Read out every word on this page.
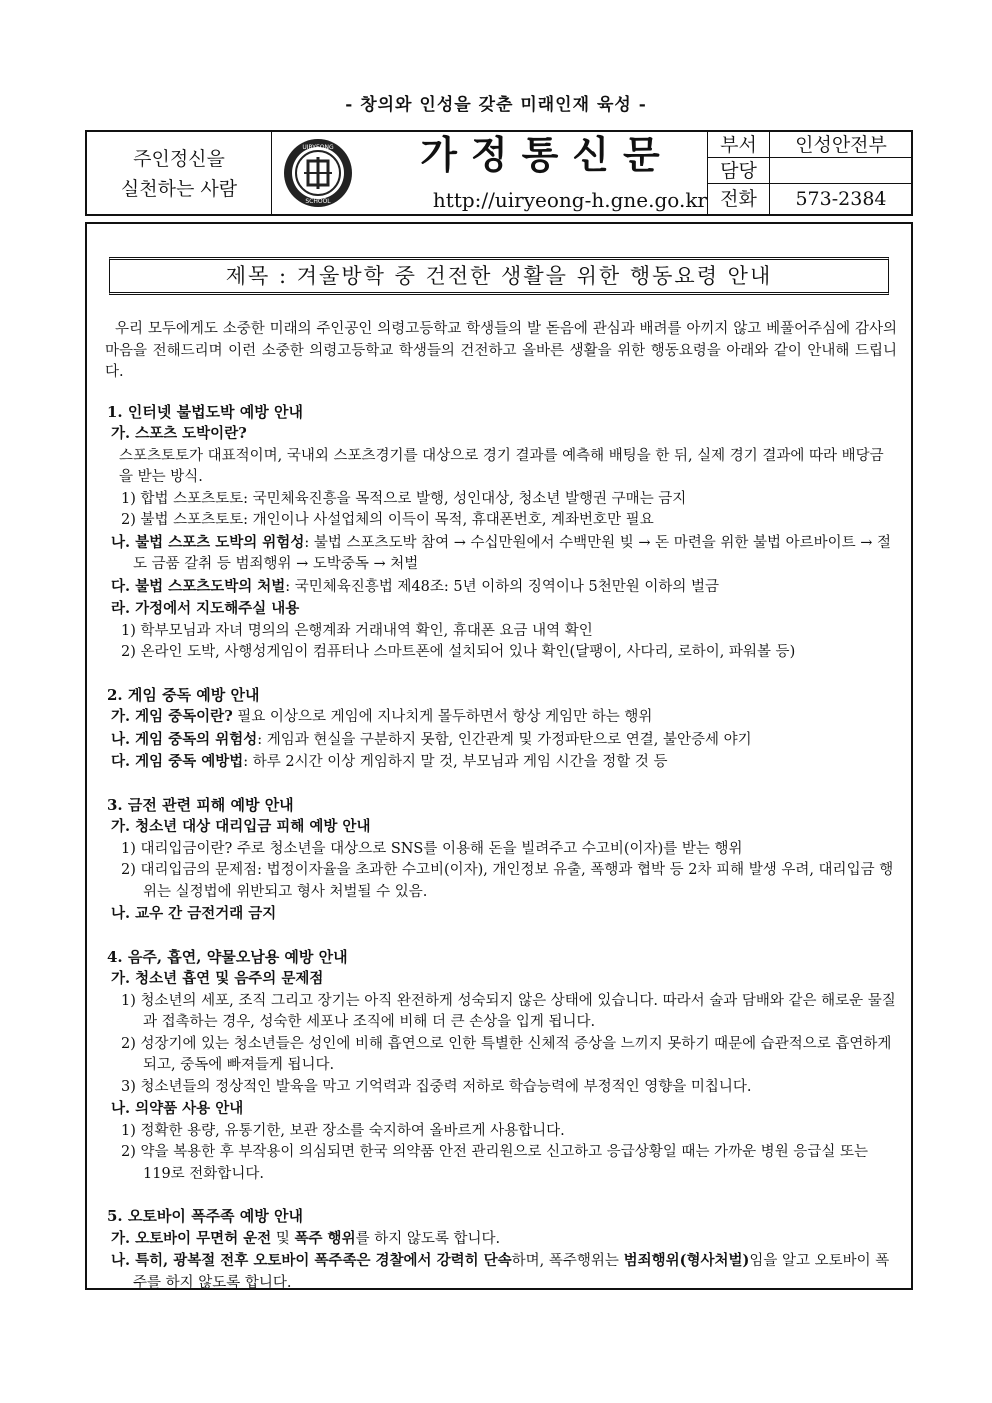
- 창의와 인성을 갖춘 미래인재 육성 -
주인정신을
실천하는 사람
UIRYEONG
SCHOOL
가정통신문
http://uiryeong-h.gne.go.kr
부서	인성안전부
담당
전화	573-2384
제목 : 겨울방학 중 건전한 생활을 위한 행동요령 안내

우리 모두에게도 소중한 미래의 주인공인 의령고등학교 학생들의 발 돋음에 관심과 배려를 아끼지 않고 베풀어주심에 감사의 마음을 전해드리며 이런 소중한 의령고등학교 학생들의 건전하고 올바른 생활을 위한 행동요령을 아래와 같이 안내해 드립니다.

1. 인터넷 불법도박 예방 안내

가. 스포츠 도박이란?

스포츠토토가 대표적이며, 국내외 스포츠경기를 대상으로 경기 결과를 예측해 배팅을 한 뒤, 실제 경기 결과에 따라 배당금을 받는 방식.

1) 합법 스포츠토토: 국민체육진흥을 목적으로 발행, 성인대상, 청소년 발행권 구매는 금지

2) 불법 스포츠토토: 개인이나 사설업체의 이득이 목적, 휴대폰번호, 계좌번호만 필요

나. 불법 스포츠 도박의 위험성: 불법 스포츠도박 참여 → 수십만원에서 수백만원 빚 → 돈 마련을 위한 불법 아르바이트 → 절도 금품 갈취 등 범죄행위 → 도박중독 → 처벌

다. 불법 스포츠도박의 처벌: 국민체육진흥법 제48조: 5년 이하의 징역이나 5천만원 이하의 벌금

라. 가정에서 지도해주실 내용

1) 학부모님과 자녀 명의의 은행계좌 거래내역 확인, 휴대폰 요금 내역 확인

2) 온라인 도박, 사행성게임이 컴퓨터나 스마트폰에 설치되어 있나 확인(달팽이, 사다리, 로하이, 파워볼 등)

2. 게임 중독 예방 안내

가. 게임 중독이란? 필요 이상으로 게임에 지나치게 몰두하면서 항상 게임만 하는 행위

나. 게임 중독의 위험성: 게임과 현실을 구분하지 못함, 인간관계 및 가정파탄으로 연결, 불안증세 야기

다. 게임 중독 예방법: 하루 2시간 이상 게임하지 말 것, 부모님과 게임 시간을 정할 것 등

3. 금전 관련 피해 예방 안내

가. 청소년 대상 대리입금 피해 예방 안내

1) 대리입금이란? 주로 청소년을 대상으로 SNS를 이용해 돈을 빌려주고 수고비(이자)를 받는 행위

2) 대리입금의 문제점: 법정이자율을 초과한 수고비(이자), 개인정보 유출, 폭행과 협박 등 2차 피해 발생 우려, 대리입금 행위는 실정법에 위반되고 형사 처벌될 수 있음.

나. 교우 간 금전거래 금지

4. 음주, 흡연, 약물오남용 예방 안내

가. 청소년 흡연 및 음주의 문제점

1) 청소년의 세포, 조직 그리고 장기는 아직 완전하게 성숙되지 않은 상태에 있습니다. 따라서 술과 담배와 같은 해로운 물질과 접촉하는 경우, 성숙한 세포나 조직에 비해 더 큰 손상을 입게 됩니다.

2) 성장기에 있는 청소년들은 성인에 비해 흡연으로 인한 특별한 신체적 증상을 느끼지 못하기 때문에 습관적으로 흡연하게 되고, 중독에 빠져들게 됩니다.

3) 청소년들의 정상적인 발육을 막고 기억력과 집중력 저하로 학습능력에 부정적인 영향을 미칩니다.

나. 의약품 사용 안내

1) 정확한 용량, 유통기한, 보관 장소를 숙지하여 올바르게 사용합니다.

2) 약을 복용한 후 부작용이 의심되면 한국 의약품 안전 관리원으로 신고하고 응급상황일 때는 가까운 병원 응급실 또는 119로 전화합니다.

5. 오토바이 폭주족 예방 안내

가. 오토바이 무면허 운전 및 폭주 행위를 하지 않도록 합니다.

나. 특히, 광복절 전후 오토바이 폭주족은 경찰에서 강력히 단속하며, 폭주행위는 범죄행위(형사처벌)임을 알고 오토바이 폭주를 하지 않도록 합니다.
